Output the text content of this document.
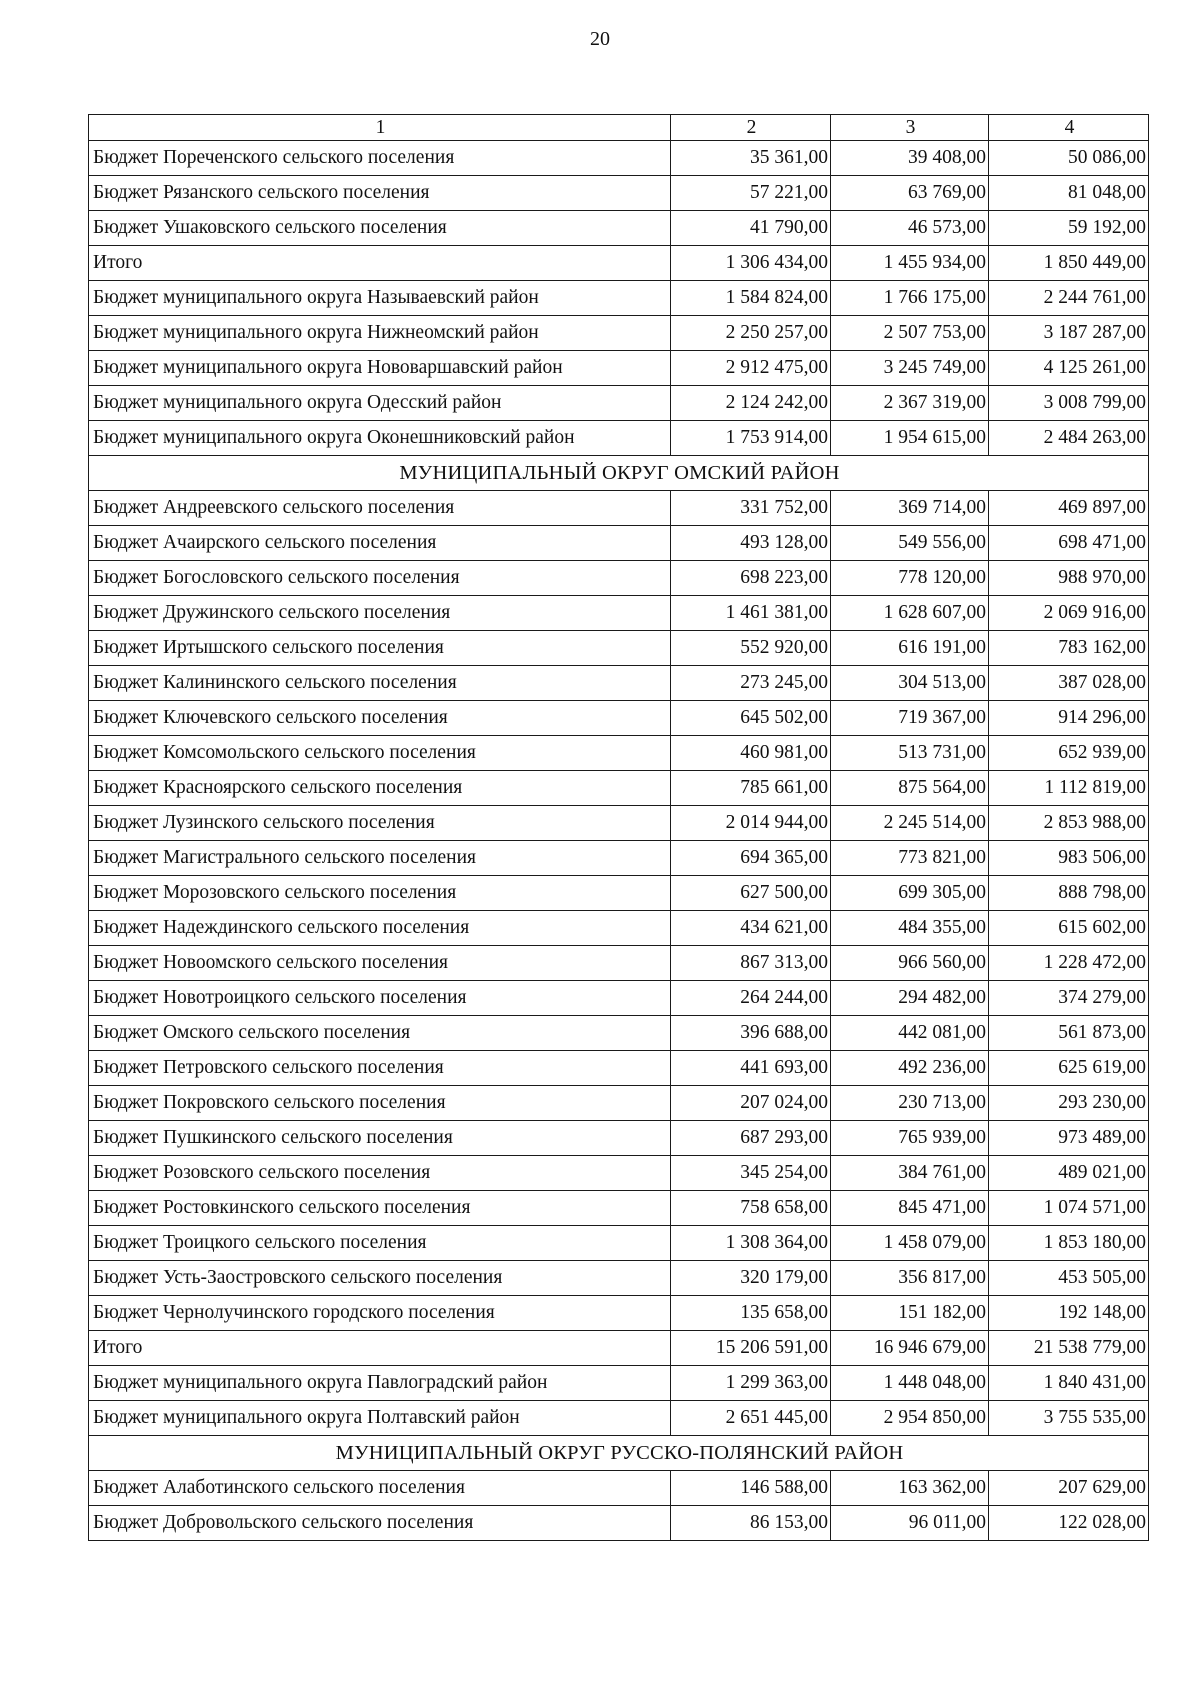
20
1	2	3	4
Бюджет Пореченского сельского поселения	35 361,00	39 408,00	50 086,00
Бюджет Рязанского сельского поселения	57 221,00	63 769,00	81 048,00
Бюджет Ушаковского сельского поселения	41 790,00	46 573,00	59 192,00
Итого	1 306 434,00	1 455 934,00	1 850 449,00
Бюджет муниципального округа Называевский район	1 584 824,00	1 766 175,00	2 244 761,00
Бюджет муниципального округа Нижнеомский район	2 250 257,00	2 507 753,00	3 187 287,00
Бюджет муниципального округа Нововаршавский район	2 912 475,00	3 245 749,00	4 125 261,00
Бюджет муниципального округа Одесский район	2 124 242,00	2 367 319,00	3 008 799,00
Бюджет муниципального округа Оконешниковский район	1 753 914,00	1 954 615,00	2 484 263,00
МУНИЦИПАЛЬНЫЙ ОКРУГ ОМСКИЙ РАЙОН			
Бюджет Андреевского сельского поселения	331 752,00	369 714,00	469 897,00
Бюджет Ачаирского сельского поселения	493 128,00	549 556,00	698 471,00
Бюджет Богословского сельского поселения	698 223,00	778 120,00	988 970,00
Бюджет Дружинского сельского поселения	1 461 381,00	1 628 607,00	2 069 916,00
Бюджет Иртышского сельского поселения	552 920,00	616 191,00	783 162,00
Бюджет Калининского сельского поселения	273 245,00	304 513,00	387 028,00
Бюджет Ключевского сельского поселения	645 502,00	719 367,00	914 296,00
Бюджет Комсомольского сельского поселения	460 981,00	513 731,00	652 939,00
Бюджет Красноярского сельского поселения	785 661,00	875 564,00	1 112 819,00
Бюджет Лузинского сельского поселения	2 014 944,00	2 245 514,00	2 853 988,00
Бюджет Магистрального сельского поселения	694 365,00	773 821,00	983 506,00
Бюджет Морозовского сельского поселения	627 500,00	699 305,00	888 798,00
Бюджет Надеждинского сельского поселения	434 621,00	484 355,00	615 602,00
Бюджет Новоомского сельского поселения	867 313,00	966 560,00	1 228 472,00
Бюджет Новотроицкого сельского поселения	264 244,00	294 482,00	374 279,00
Бюджет Омского сельского поселения	396 688,00	442 081,00	561 873,00
Бюджет Петровского сельского поселения	441 693,00	492 236,00	625 619,00
Бюджет Покровского сельского поселения	207 024,00	230 713,00	293 230,00
Бюджет Пушкинского сельского поселения	687 293,00	765 939,00	973 489,00
Бюджет Розовского сельского поселения	345 254,00	384 761,00	489 021,00
Бюджет Ростовкинского сельского поселения	758 658,00	845 471,00	1 074 571,00
Бюджет Троицкого сельского поселения	1 308 364,00	1 458 079,00	1 853 180,00
Бюджет Усть-Заостровского сельского поселения	320 179,00	356 817,00	453 505,00
Бюджет Чернолучинского городского поселения	135 658,00	151 182,00	192 148,00
Итого	15 206 591,00	16 946 679,00	21 538 779,00
Бюджет муниципального округа Павлоградский район	1 299 363,00	1 448 048,00	1 840 431,00
Бюджет муниципального округа Полтавский район	2 651 445,00	2 954 850,00	3 755 535,00
МУНИЦИПАЛЬНЫЙ ОКРУГ РУССКО-ПОЛЯНСКИЙ РАЙОН			
Бюджет Алаботинского сельского поселения	146 588,00	163 362,00	207 629,00
Бюджет Добровольского сельского поселения	86 153,00	96 011,00	122 028,00
